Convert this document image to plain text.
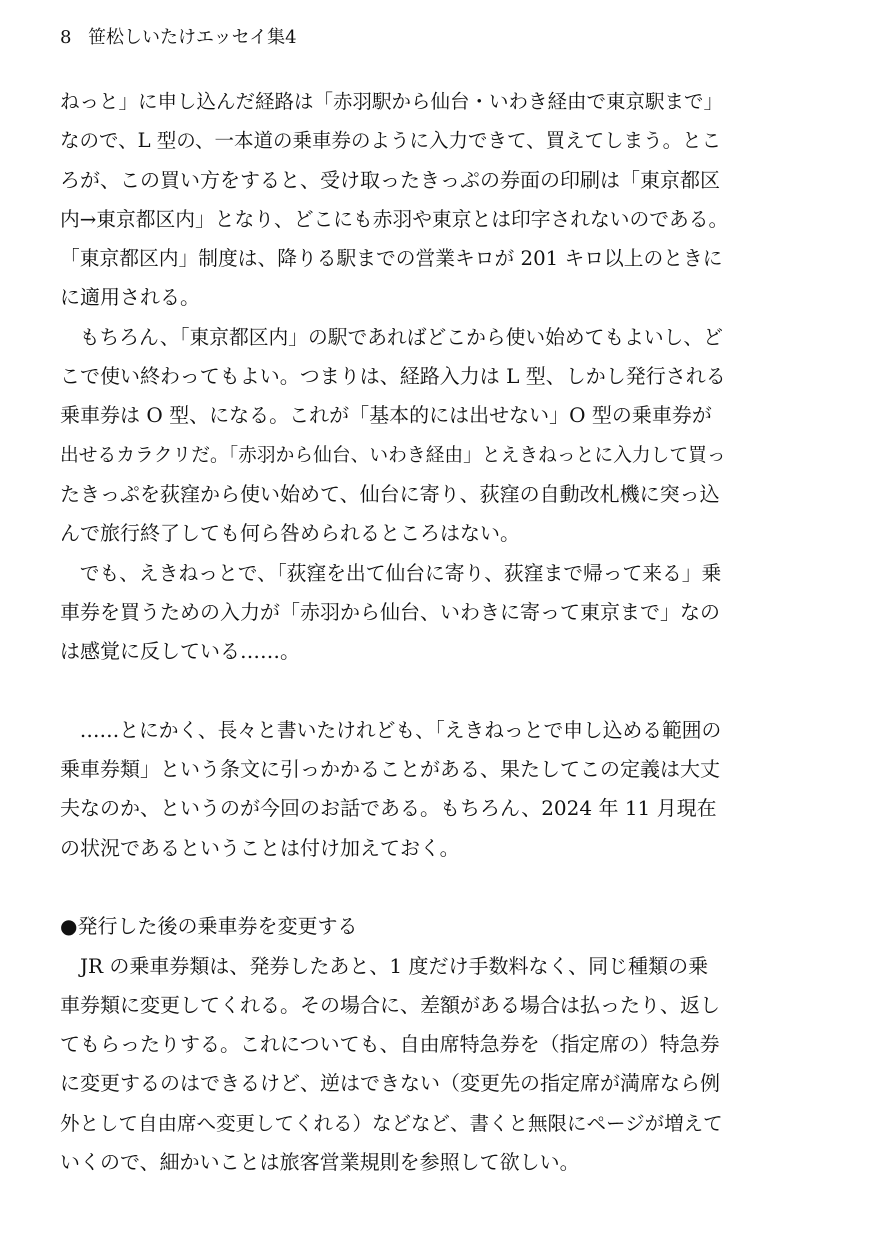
8 笹松しいたけエッセイ集4
ねっと」に申し込んだ経路は「赤羽駅から仙台・いわき経由で東京駅まで」
なので、L 型の、一本道の乗車券のように入力できて、買えてしまう。とこ
ろが、この買い方をすると、受け取ったきっぷの券面の印刷は「東京都区
内→東京都区内」となり、どこにも赤羽や東京とは印字されないのである。
「東京都区内」制度は、降りる駅までの営業キロが 201 キロ以上のときに
に適用される。
　もちろん、「東京都区内」の駅であればどこから使い始めてもよいし、ど
こで使い終わってもよい。つまりは、経路入力は L 型、しかし発行される
乗車券は O 型、になる。これが「基本的には出せない」O 型の乗車券が
出せるカラクリだ。「赤羽から仙台、いわき経由」とえきねっとに入力して買っ
たきっぷを荻窪から使い始めて、仙台に寄り、荻窪の自動改札機に突っ込
んで旅行終了しても何ら咎められるところはない。
　でも、えきねっとで、「荻窪を出て仙台に寄り、荻窪まで帰って来る」乗
車券を買うための入力が「赤羽から仙台、いわきに寄って東京まで」なの
は感覚に反している……。
　……とにかく、長々と書いたけれども、「えきねっとで申し込める範囲の
乗車券類」という条文に引っかかることがある、果たしてこの定義は大丈
夫なのか、というのが今回のお話である。もちろん、2024 年 11 月現在
の状況であるということは付け加えておく。
●発行した後の乗車券を変更する
　JR の乗車券類は、発券したあと、1 度だけ手数料なく、同じ種類の乗
車券類に変更してくれる。その場合に、差額がある場合は払ったり、返し
てもらったりする。これについても、自由席特急券を（指定席の）特急券
に変更するのはできるけど、逆はできない（変更先の指定席が満席なら例
外として自由席へ変更してくれる）などなど、書くと無限にページが増えて
いくので、細かいことは旅客営業規則を参照して欲しい。
